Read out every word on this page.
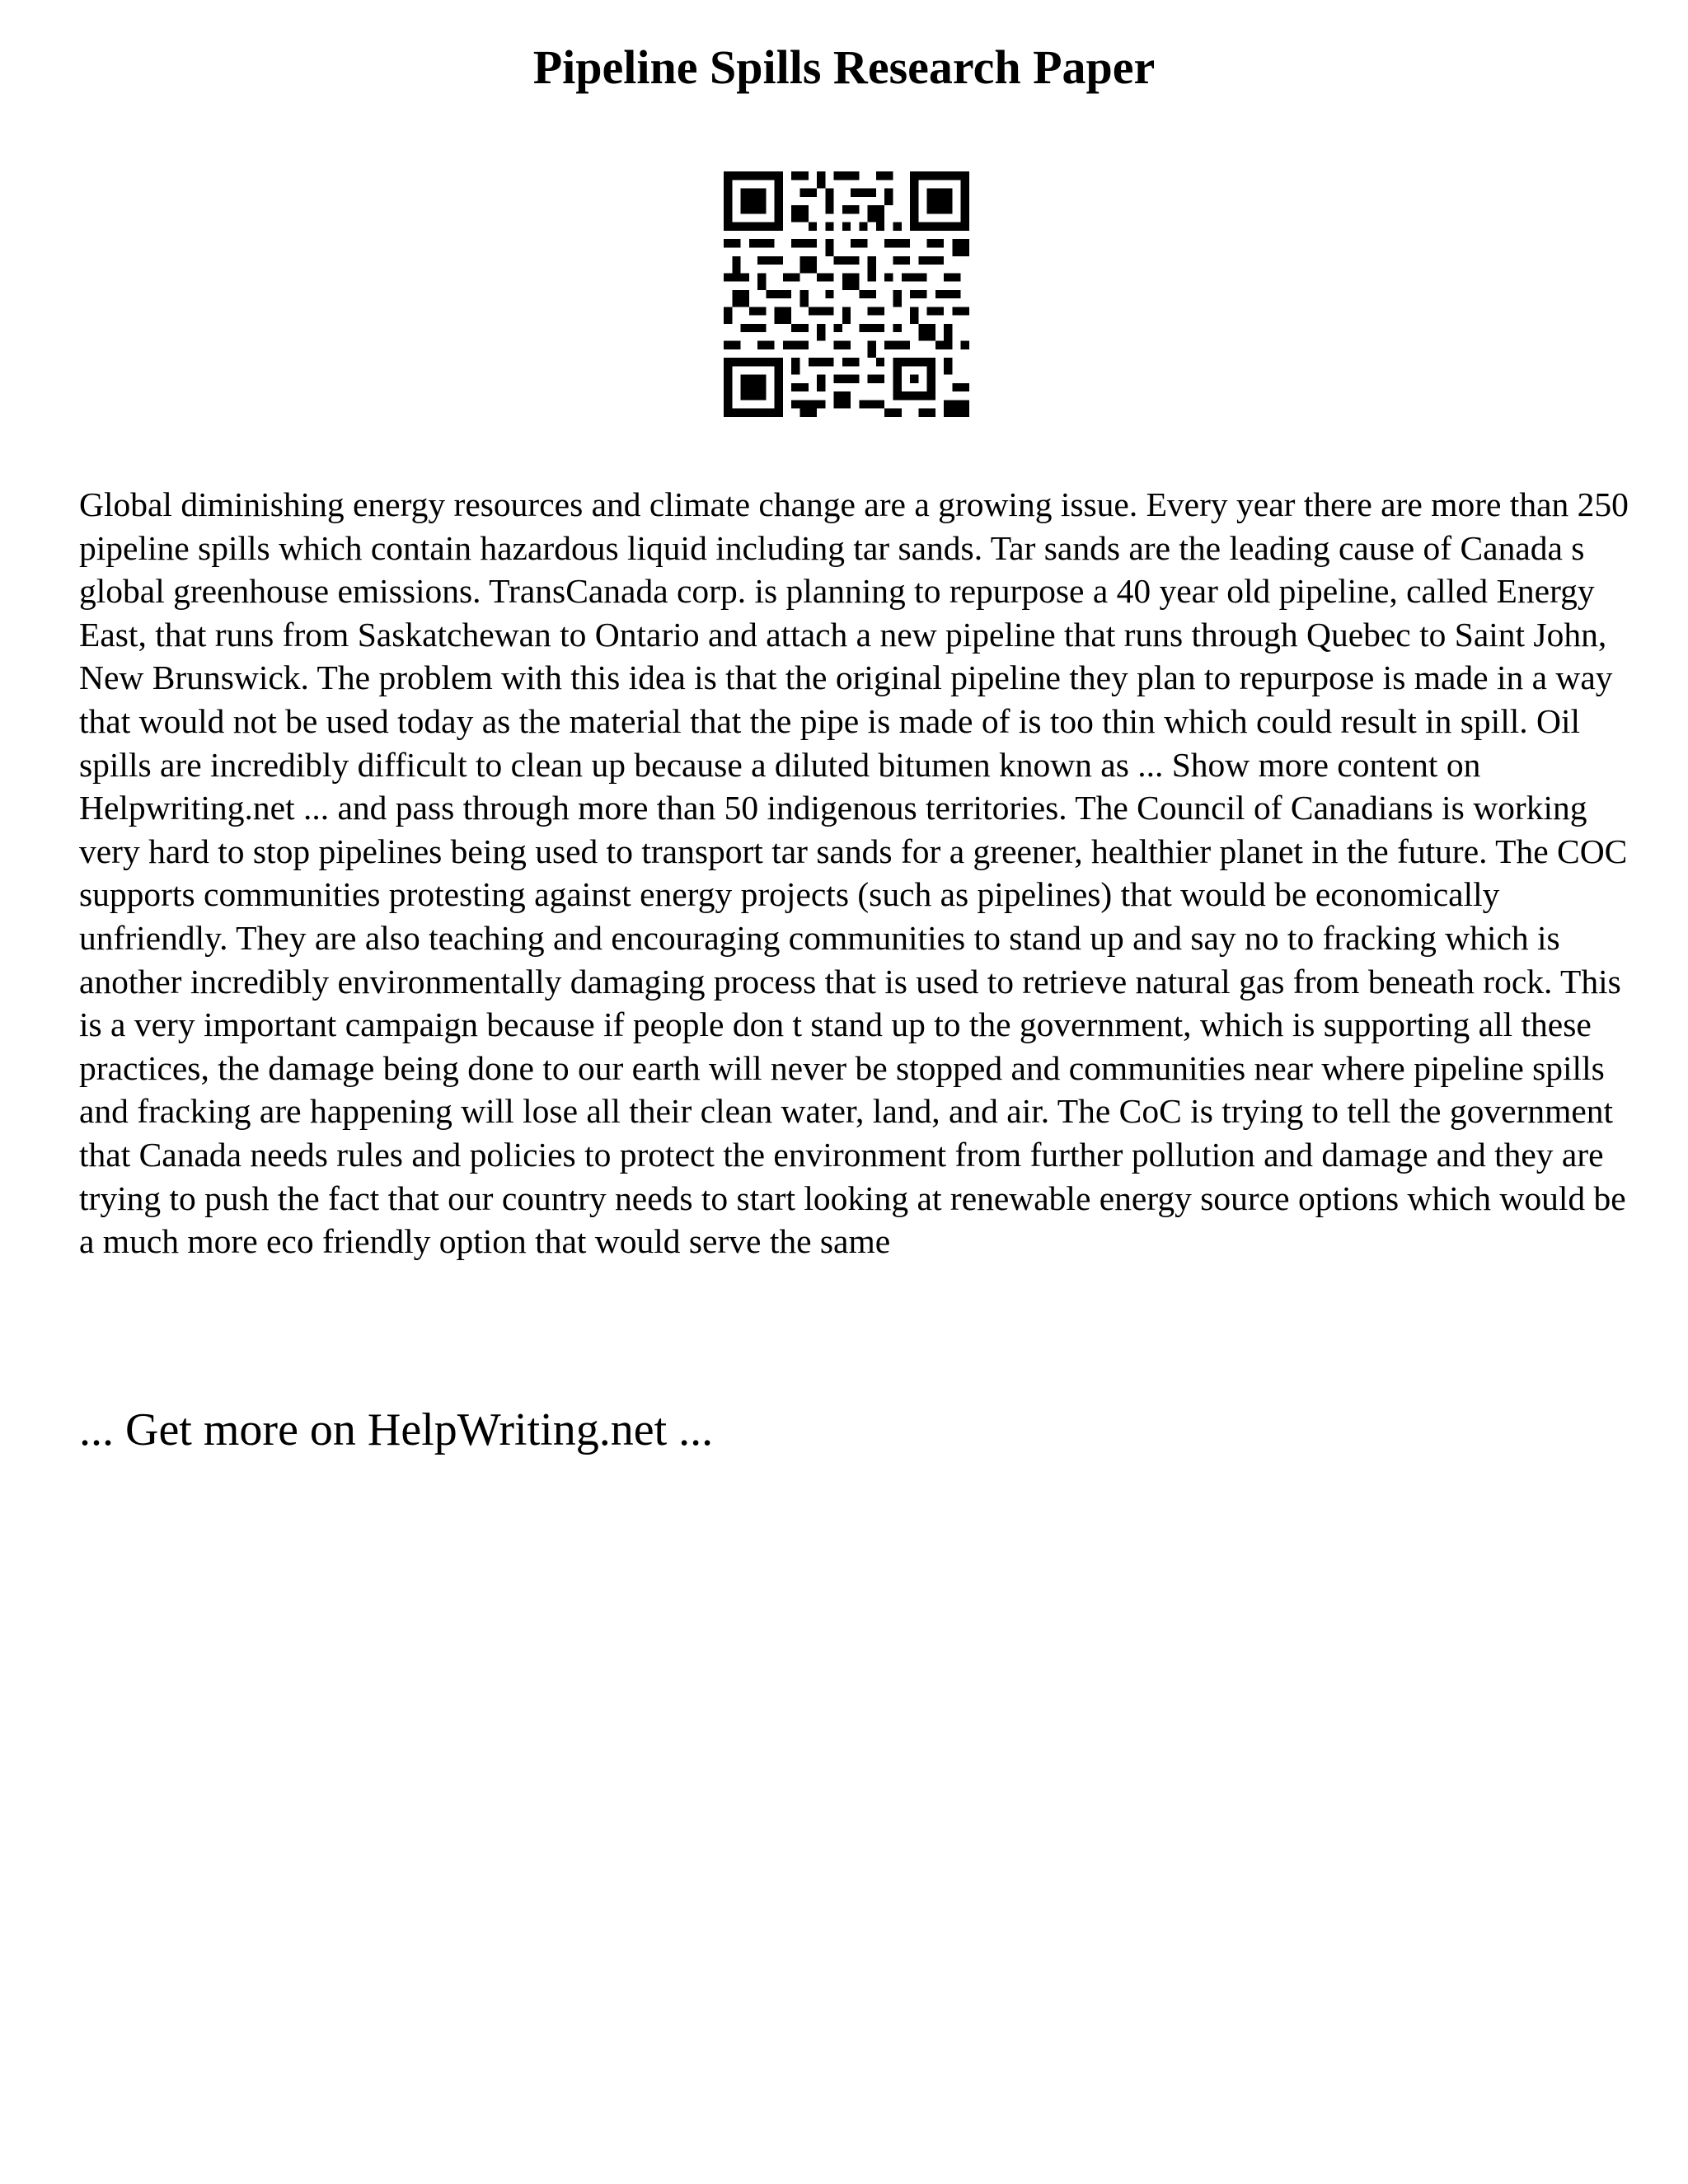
Pipeline Spills Research Paper

Global diminishing energy resources and climate change are a growing issue. Every year there are more than 250 pipeline spills which contain hazardous liquid including tar sands. Tar sands are the leading cause of Canada s global greenhouse emissions. TransCanada corp. is planning to repurpose a 40 year old pipeline, called Energy East, that runs from Saskatchewan to Ontario and attach a new pipeline that runs through Quebec to Saint John, New Brunswick. The problem with this idea is that the original pipeline they plan to repurpose is made in a way that would not be used today as the material that the pipe is made of is too thin which could result in spill. Oil spills are incredibly difficult to clean up because a diluted bitumen known as ... Show more content on Helpwriting.net ... and pass through more than 50 indigenous territories. The Council of Canadians is working very hard to stop pipelines being used to transport tar sands for a greener, healthier planet in the future. The COC supports communities protesting against energy projects (such as pipelines) that would be economically unfriendly. They are also teaching and encouraging communities to stand up and say no to fracking which is another incredibly environmentally damaging process that is used to retrieve natural gas from beneath rock. This is a very important campaign because if people don t stand up to the government, which is supporting all these practices, the damage being done to our earth will never be stopped and communities near where pipeline spills and fracking are happening will lose all their clean water, land, and air. The CoC is trying to tell the government that Canada needs rules and policies to protect the environment from further pollution and damage and they are trying to push the fact that our country needs to start looking at renewable energy source options which would be a much more eco friendly option that would serve the same

... Get more on HelpWriting.net ...
